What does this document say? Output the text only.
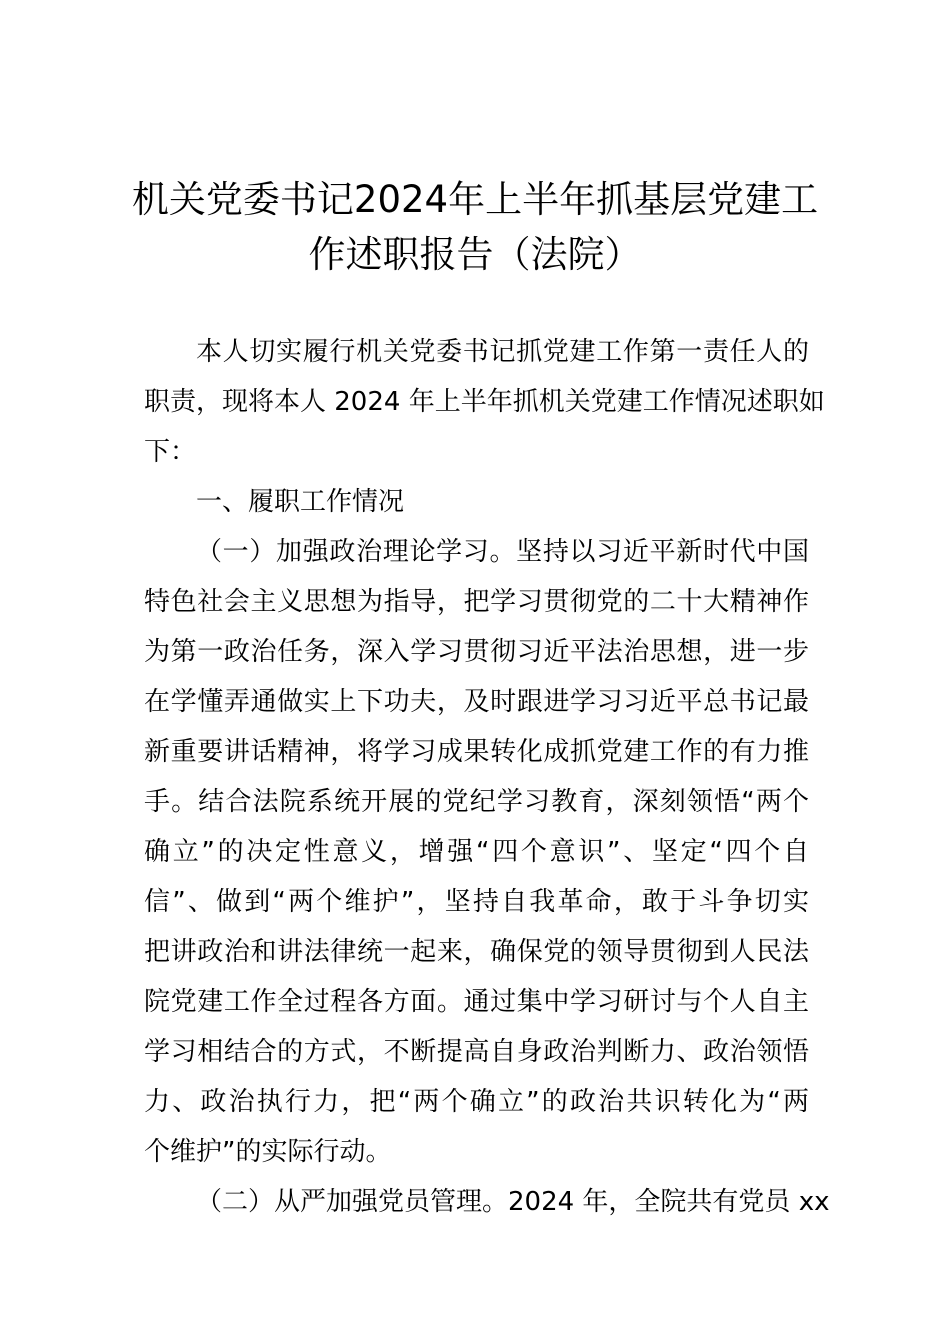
机关党委书记2024年上半年抓基层党建工
作述职报告（法院）
本人切实履行机关党委书记抓党建工作第一责任人的
职责，现将本人 2024 年上半年抓机关党建工作情况述职如
下：
一、履职工作情况
（一）加强政治理论学习。坚持以习近平新时代中国
特色社会主义思想为指导，把学习贯彻党的二十大精神作
为第一政治任务，深入学习贯彻习近平法治思想，进一步
在学懂弄通做实上下功夫，及时跟进学习习近平总书记最
新重要讲话精神，将学习成果转化成抓党建工作的有力推
手。结合法院系统开展的党纪学习教育，深刻领悟“两个
确立”的决定性意义，增强“四个意识”、坚定“四个自
信”、做到“两个维护”，坚持自我革命，敢于斗争切实
把讲政治和讲法律统一起来，确保党的领导贯彻到人民法
院党建工作全过程各方面。通过集中学习研讨与个人自主
学习相结合的方式，不断提高自身政治判断力、政治领悟
力、政治执行力，把“两个确立”的政治共识转化为“两
个维护”的实际行动。
（二）从严加强党员管理。2024 年，全院共有党员 xx
